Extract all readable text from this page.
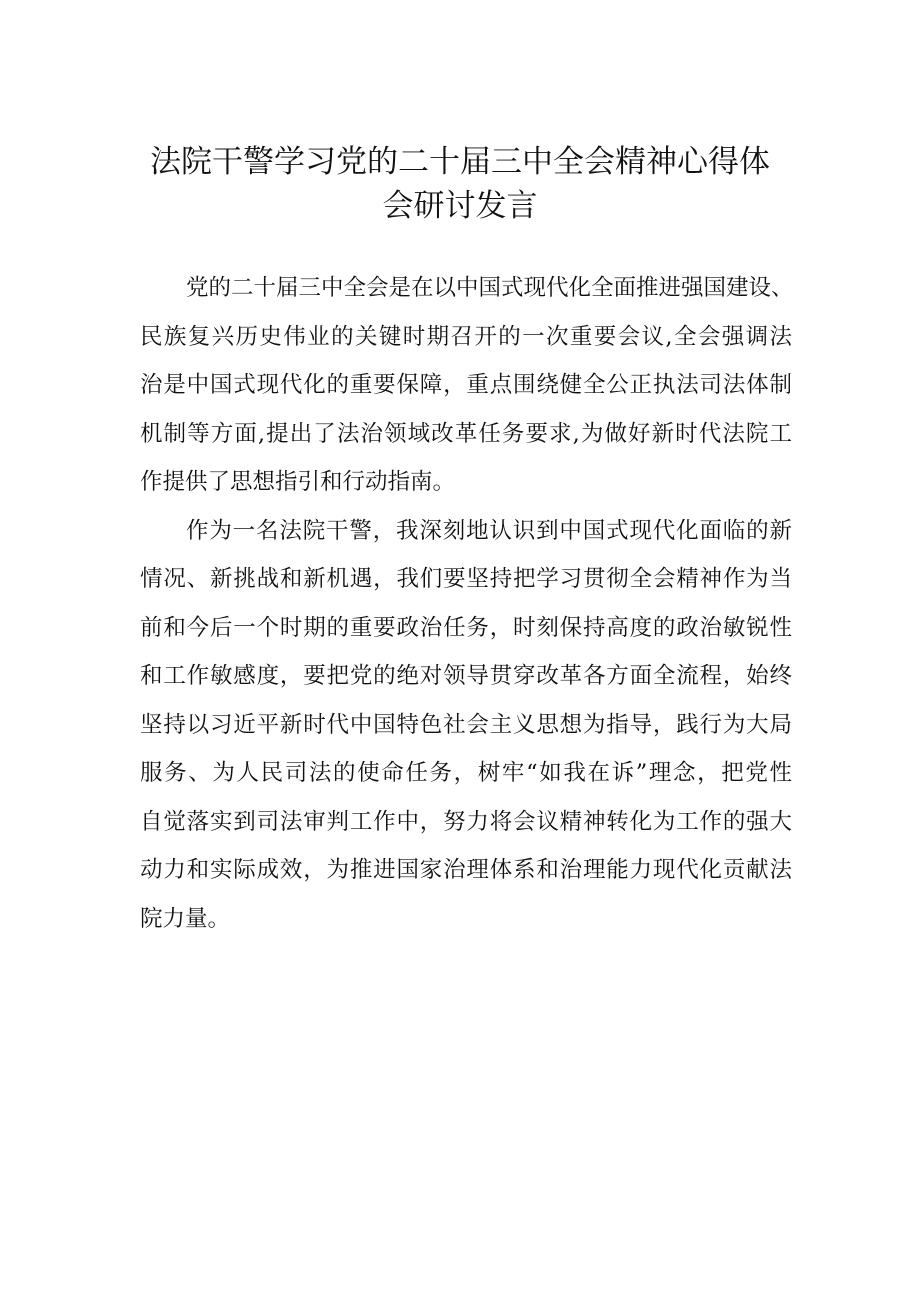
法院干警学习党的二十届三中全会精神心得体
会研讨发言

党的二十届三中全会是在以中国式现代化全面推进强国建设、
民族复兴历史伟业的关键时期召开的一次重要会议,全会强调法
治是中国式现代化的重要保障，重点围绕健全公正执法司法体制
机制等方面,提出了法治领域改革任务要求,为做好新时代法院工
作提供了思想指引和行动指南。

作为一名法院干警，我深刻地认识到中国式现代化面临的新
情况、新挑战和新机遇，我们要坚持把学习贯彻全会精神作为当
前和今后一个时期的重要政治任务，时刻保持高度的政治敏锐性
和工作敏感度，要把党的绝对领导贯穿改革各方面全流程，始终
坚持以习近平新时代中国特色社会主义思想为指导，践行为大局
服务、为人民司法的使命任务，树牢“如我在诉”理念，把党性
自觉落实到司法审判工作中，努力将会议精神转化为工作的强大
动力和实际成效，为推进国家治理体系和治理能力现代化贡献法
院力量。
